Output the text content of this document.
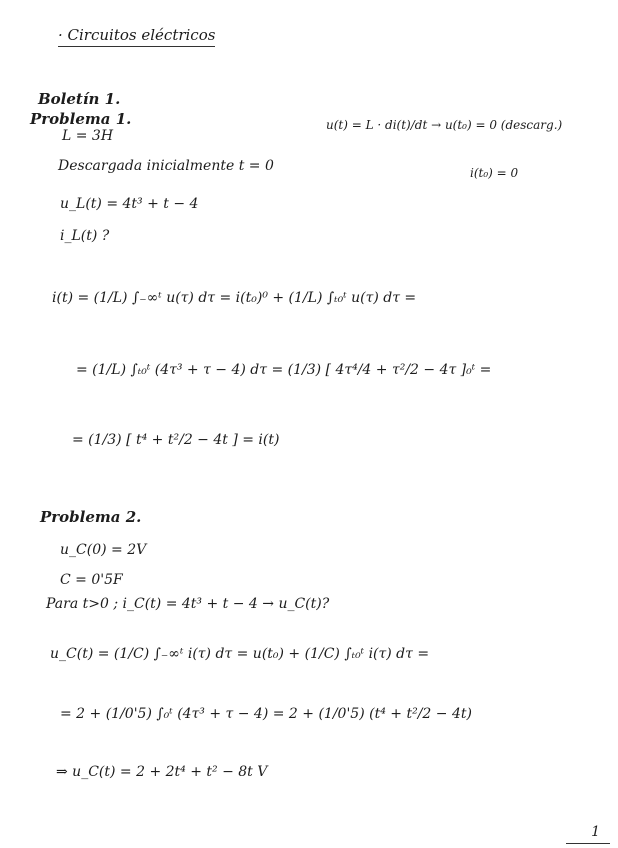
· Circuitos eléctricos
Boletín 1.
Problema 1.
L = 3H
u(t) = L · di(t)/dt → u(t₀) = 0 (descarg.)
i(t₀) = 0
Descargada inicialmente t = 0
u_L(t) = 4t³ + t − 4
i_L(t) ?
i(t) = (1/L) ∫₋∞ᵗ u(τ) dτ = i(t₀)⁰ + (1/L) ∫ₜ₀ᵗ u(τ) dτ =
= (1/L) ∫ₜ₀ᵗ (4τ³ + τ − 4) dτ = (1/3) [ 4τ⁴/4 + τ²/2 − 4τ ]₀ᵗ =
= (1/3) [ t⁴ + t²/2 − 4t ] = i(t)
Problema 2.
u_C(0) = 2V
C = 0'5F
Para t>0 ; i_C(t) = 4t³ + t − 4 → u_C(t)?
u_C(t) = (1/C) ∫₋∞ᵗ i(τ) dτ = u(t₀) + (1/C) ∫ₜ₀ᵗ i(τ) dτ =
= 2 + (1/0'5) ∫₀ᵗ (4τ³ + τ − 4) = 2 + (1/0'5) (t⁴ + t²/2 − 4t)
⇒ u_C(t) = 2 + 2t⁴ + t² − 8t V
1
